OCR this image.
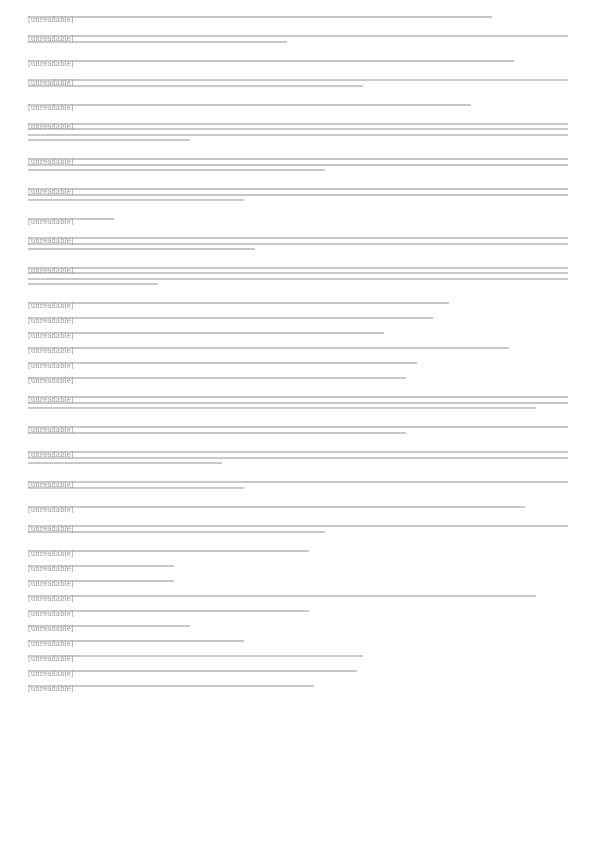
[unreadable]
[unreadable]
[unreadable]
[unreadable]
[unreadable]
[unreadable]
[unreadable]
[unreadable]
[unreadable]
[unreadable]
[unreadable]
[unreadable]
[unreadable]
[unreadable]
[unreadable]
[unreadable]
[unreadable]
[unreadable]
[unreadable]
[unreadable]
[unreadable]
[unreadable]
[unreadable]
[unreadable]
[unreadable]
[unreadable]
[unreadable]
[unreadable]
[unreadable]
[unreadable]
[unreadable]
[unreadable]
[unreadable]
